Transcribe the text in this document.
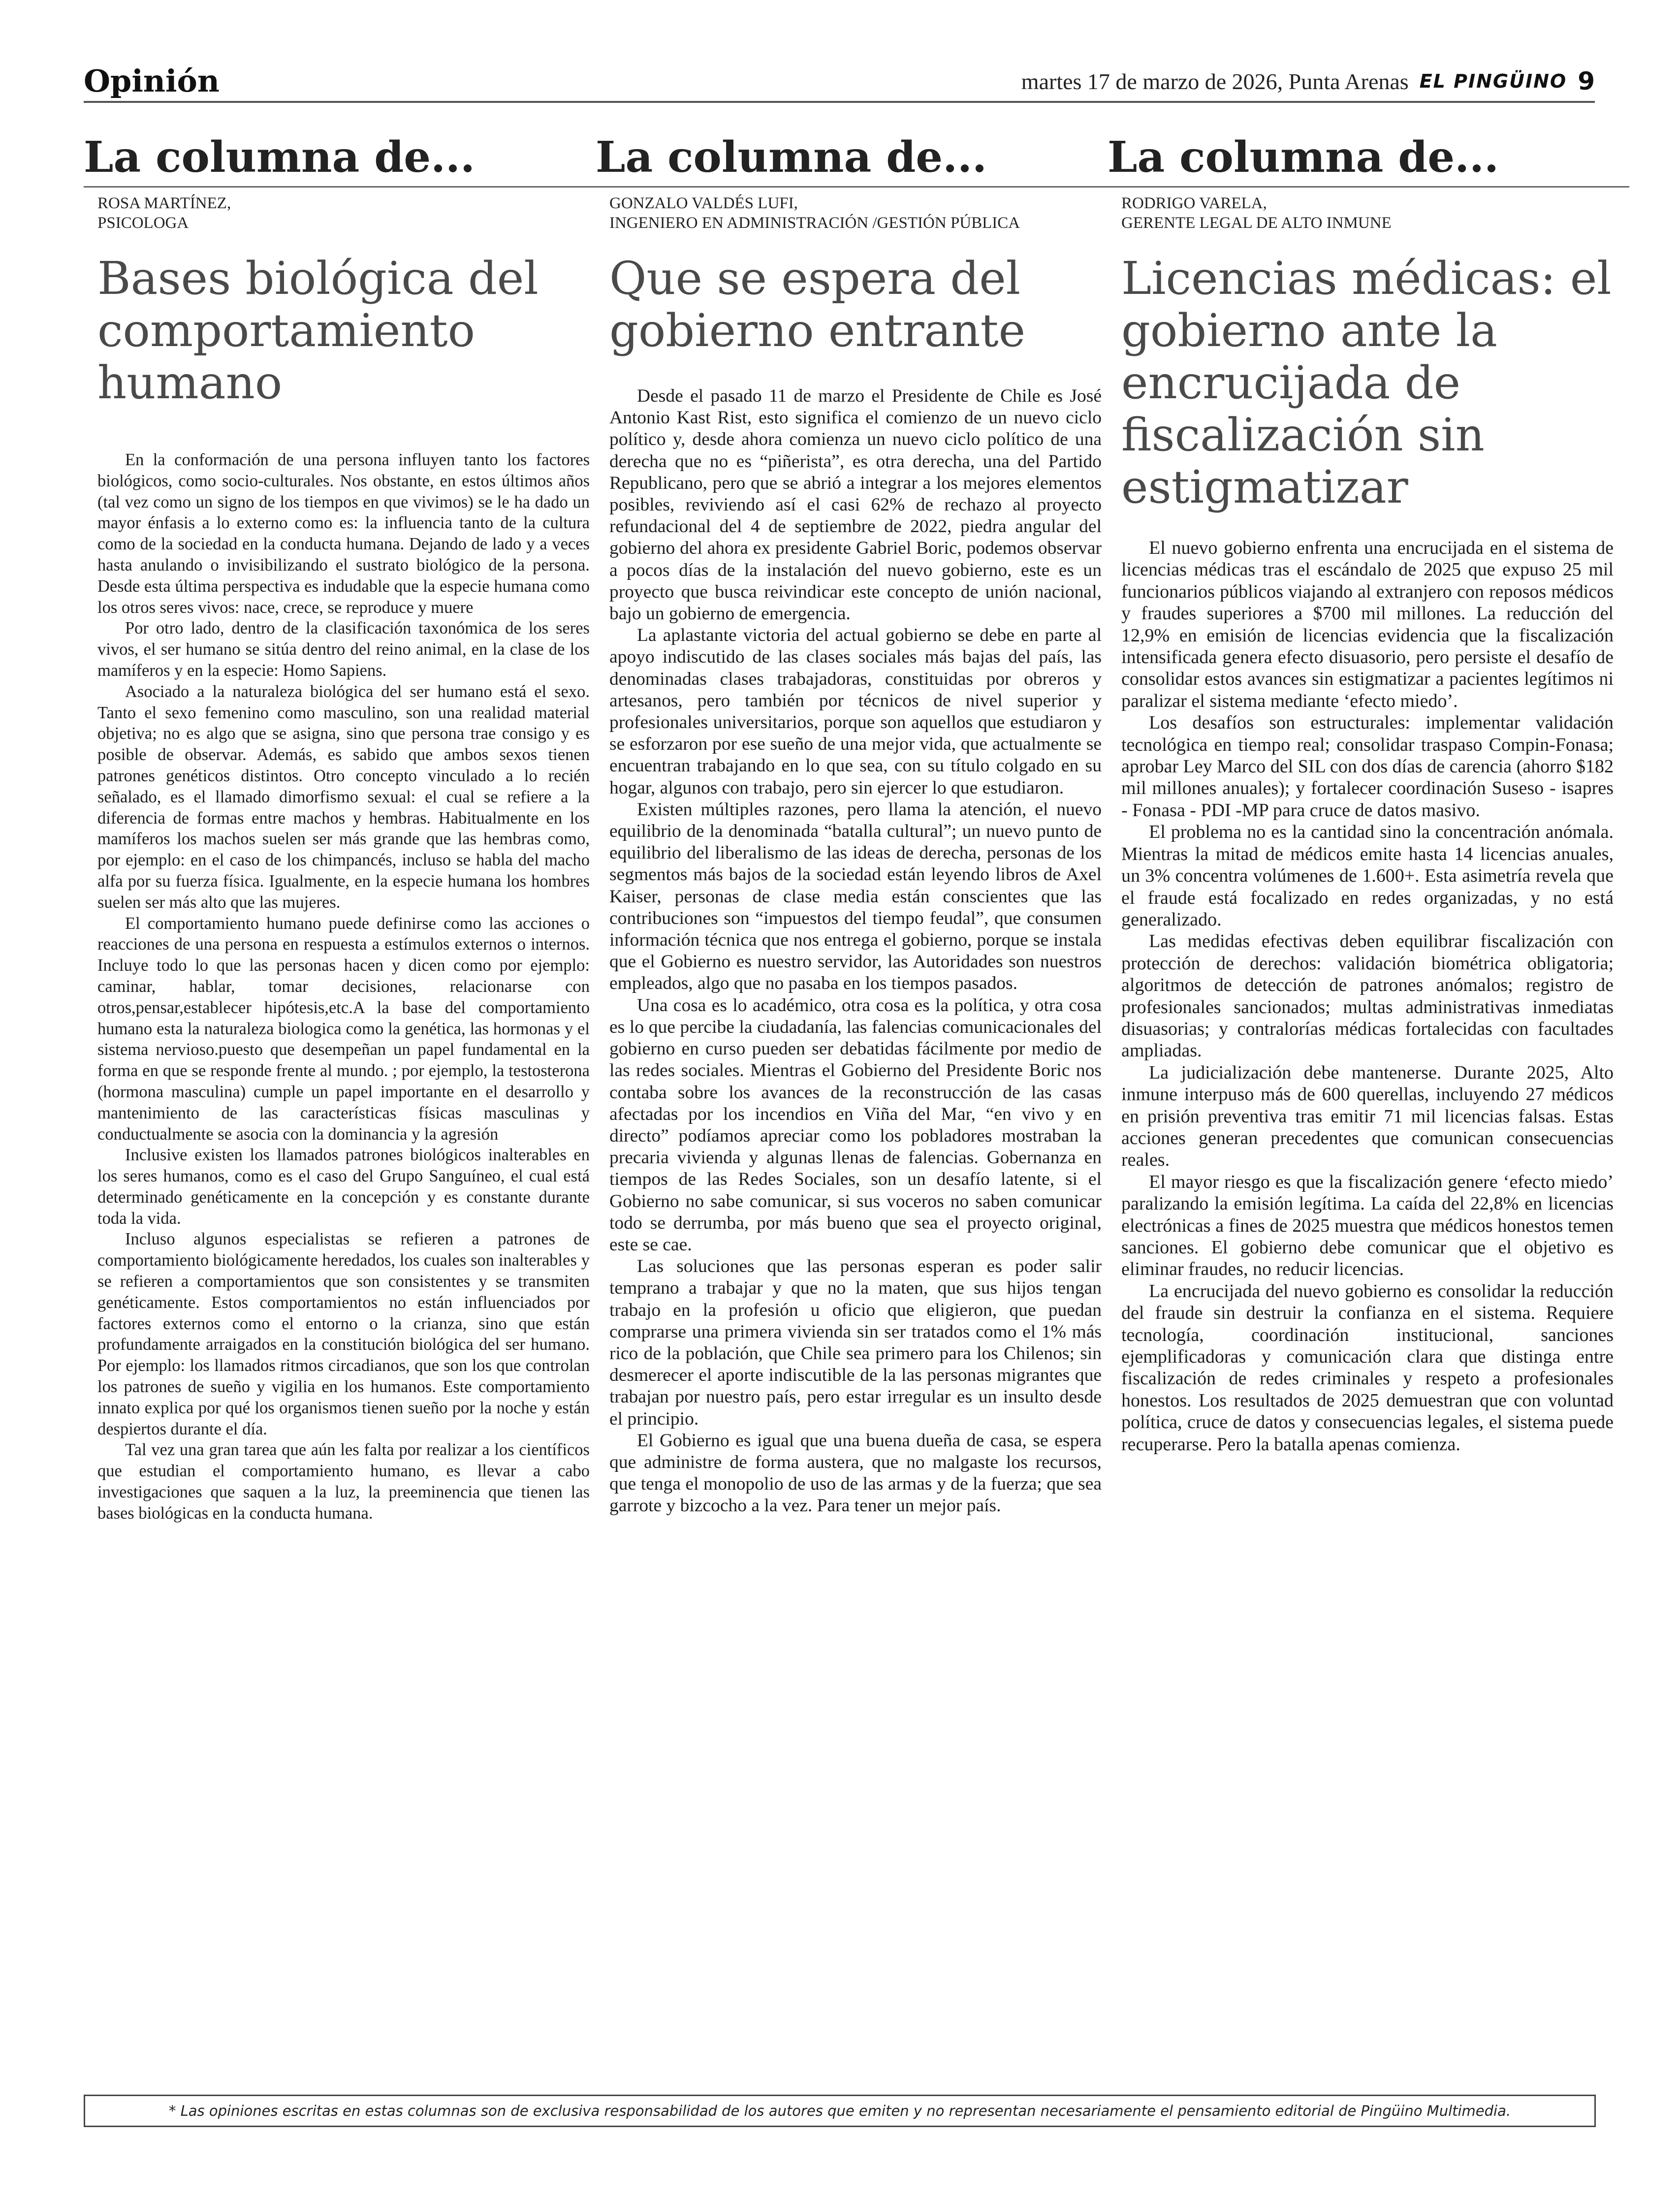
Opinión	martes 17 de marzo de 2026, Punta Arenas EL PINGÜINO 9
La columna de...
ROSA MARTÍNEZ,
PSICOLOGA
Bases biológica del comportamiento humano

En la conformación de una persona influyen tanto los factores biológicos, como socio-culturales. Nos obstante, en estos últimos años (tal vez como un signo de los tiempos en que vivimos) se le ha dado un mayor énfasis a lo externo como es: la influencia tanto de la cultura como de la sociedad en la conducta humana. Dejando de lado y a veces hasta anulando o invisibilizando el sustrato biológico de la persona. Desde esta última perspectiva es indudable que la especie humana como los otros seres vivos: nace, crece, se reproduce y muere

Por otro lado, dentro de la clasificación taxonómica de los seres vivos, el ser humano se sitúa dentro del reino animal, en la clase de los mamíferos y en la especie: Homo Sapiens.

Asociado a la naturaleza biológica del ser humano está el sexo. Tanto el sexo femenino como masculino, son una realidad material objetiva; no es algo que se asigna, sino que persona trae consigo y es posible de observar. Además, es sabido que ambos sexos tienen patrones genéticos distintos. Otro concepto vinculado a lo recién señalado, es el llamado dimorfismo sexual: el cual se refiere a la diferencia de formas entre machos y hembras. Habitualmente en los mamíferos los machos suelen ser más grande que las hembras como, por ejemplo: en el caso de los chimpancés, incluso se habla del macho alfa por su fuerza física. Igualmente, en la especie humana los hombres suelen ser más alto que las mujeres.

El comportamiento humano puede definirse como las acciones o reacciones de una persona en respuesta a estímulos externos o internos. Incluye todo lo que las personas hacen y dicen como por ejemplo: caminar, hablar, tomar decisiones, relacionarse con otros,pensar,establecer hipótesis,etc.A la base del comportamiento humano esta la naturaleza biologica como la genética, las hormonas y el sistema nervioso.puesto que desempeñan un papel fundamental en la forma en que se responde frente al mundo. ; por ejemplo, la testosterona (hormona masculina) cumple un papel importante en el desarrollo y mantenimiento de las características físicas masculinas y conductualmente se asocia con la dominancia y la agresión

Inclusive existen los llamados patrones biológicos inalterables en los seres humanos, como es el caso del Grupo Sanguíneo, el cual está determinado genéticamente en la concepción y es constante durante toda la vida.

Incluso algunos especialistas se refieren a patrones de comportamiento biológicamente heredados, los cuales son inalterables y se refieren a comportamientos que son consistentes y se transmiten genéticamente. Estos comportamientos no están influenciados por factores externos como el entorno o la crianza, sino que están profundamente arraigados en la constitución biológica del ser humano. Por ejemplo: los llamados ritmos circadianos, que son los que controlan los patrones de sueño y vigilia en los humanos. Este comportamiento innato explica por qué los organismos tienen sueño por la noche y están despiertos durante el día.

Tal vez una gran tarea que aún les falta por realizar a los científicos que estudian el comportamiento humano, es llevar a cabo investigaciones que saquen a la luz, la preeminencia que tienen las bases biológicas en la conducta humana.

La columna de...
GONZALO VALDÉS LUFI,
INGENIERO EN ADMINISTRACIÓN /GESTIÓN PÚBLICA
Que se espera del gobierno entrante

Desde el pasado 11 de marzo el Presidente de Chile es José Antonio Kast Rist, esto significa el comienzo de un nuevo ciclo político y, desde ahora comienza un nuevo ciclo político de una derecha que no es “piñerista”, es otra derecha, una del Partido Republicano, pero que se abrió a integrar a los mejores elementos posibles, reviviendo así el casi 62% de rechazo al proyecto refundacional del 4 de septiembre de 2022, piedra angular del gobierno del ahora ex presidente Gabriel Boric, podemos observar a pocos días de la instalación del nuevo gobierno, este es un proyecto que busca reivindicar este concepto de unión nacional, bajo un gobierno de emergencia.

La aplastante victoria del actual gobierno se debe en parte al apoyo indiscutido de las clases sociales más bajas del país, las denominadas clases trabajadoras, constituidas por obreros y artesanos, pero también por técnicos de nivel superior y profesionales universitarios, porque son aquellos que estudiaron y se esforzaron por ese sueño de una mejor vida, que actualmente se encuentran trabajando en lo que sea, con su título colgado en su hogar, algunos con trabajo, pero sin ejercer lo que estudiaron.

Existen múltiples razones, pero llama la atención, el nuevo equilibrio de la denominada “batalla cultural”; un nuevo punto de equilibrio del liberalismo de las ideas de derecha, personas de los segmentos más bajos de la sociedad están leyendo libros de Axel Kaiser, personas de clase media están conscientes que las contribuciones son “impuestos del tiempo feudal”, que consumen información técnica que nos entrega el gobierno, porque se instala que el Gobierno es nuestro servidor, las Autoridades son nuestros empleados, algo que no pasaba en los tiempos pasados.

Una cosa es lo académico, otra cosa es la política, y otra cosa es lo que percibe la ciudadanía, las falencias comunicacionales del gobierno en curso pueden ser debatidas fácilmente por medio de las redes sociales. Mientras el Gobierno del Presidente Boric nos contaba sobre los avances de la reconstrucción de las casas afectadas por los incendios en Viña del Mar, “en vivo y en directo” podíamos apreciar como los pobladores mostraban la precaria vivienda y algunas llenas de falencias. Gobernanza en tiempos de las Redes Sociales, son un desafío latente, si el Gobierno no sabe comunicar, si sus voceros no saben comunicar todo se derrumba, por más bueno que sea el proyecto original, este se cae.

Las soluciones que las personas esperan es poder salir temprano a trabajar y que no la maten, que sus hijos tengan trabajo en la profesión u oficio que eligieron, que puedan comprarse una primera vivienda sin ser tratados como el 1% más rico de la población, que Chile sea primero para los Chilenos; sin desmerecer el aporte indiscutible de la las personas migrantes que trabajan por nuestro país, pero estar irregular es un insulto desde el principio.

El Gobierno es igual que una buena dueña de casa, se espera que administre de forma austera, que no malgaste los recursos, que tenga el monopolio de uso de las armas y de la fuerza; que sea garrote y bizcocho a la vez. Para tener un mejor país.

La columna de...
RODRIGO VARELA,
GERENTE LEGAL DE ALTO INMUNE
Licencias médicas: el gobierno ante la encrucijada de fiscalización sin estigmatizar

El nuevo gobierno enfrenta una encrucijada en el sistema de licencias médicas tras el escándalo de 2025 que expuso 25 mil funcionarios públicos viajando al extranjero con reposos médicos y fraudes superiores a $700 mil millones. La reducción del 12,9% en emisión de licencias evidencia que la fiscalización intensificada genera efecto disuasorio, pero persiste el desafío de consolidar estos avances sin estigmatizar a pacientes legítimos ni paralizar el sistema mediante ‘efecto miedo’.

Los desafíos son estructurales: implementar validación tecnológica en tiempo real; consolidar traspaso Compin-Fonasa; aprobar Ley Marco del SIL con dos días de carencia (ahorro $182 mil millones anuales); y fortalecer coordinación Suseso - isapres - Fonasa - PDI -MP para cruce de datos masivo.

El problema no es la cantidad sino la concentración anómala. Mientras la mitad de médicos emite hasta 14 licencias anuales, un 3% concentra volúmenes de 1.600+. Esta asimetría revela que el fraude está focalizado en redes organizadas, y no está generalizado.

Las medidas efectivas deben equilibrar fiscalización con protección de derechos: validación biométrica obligatoria; algoritmos de detección de patrones anómalos; registro de profesionales sancionados; multas administrativas inmediatas disuasorias; y contralorías médicas fortalecidas con facultades ampliadas.

La judicialización debe mantenerse. Durante 2025, Alto inmune interpuso más de 600 querellas, incluyendo 27 médicos en prisión preventiva tras emitir 71 mil licencias falsas. Estas acciones generan precedentes que comunican consecuencias reales.

El mayor riesgo es que la fiscalización genere ‘efecto miedo’ paralizando la emisión legítima. La caída del 22,8% en licencias electrónicas a fines de 2025 muestra que médicos honestos temen sanciones. El gobierno debe comunicar que el objetivo es eliminar fraudes, no reducir licencias.

La encrucijada del nuevo gobierno es consolidar la reducción del fraude sin destruir la confianza en el sistema. Requiere tecnología, coordinación institucional, sanciones ejemplificadoras y comunicación clara que distinga entre fiscalización de redes criminales y respeto a profesionales honestos. Los resultados de 2025 demuestran que con voluntad política, cruce de datos y consecuencias legales, el sistema puede recuperarse. Pero la batalla apenas comienza.

* Las opiniones escritas en estas columnas son de exclusiva responsabilidad de los autores que emiten y no representan necesariamente el pensamiento editorial de Pingüino Multimedia.
